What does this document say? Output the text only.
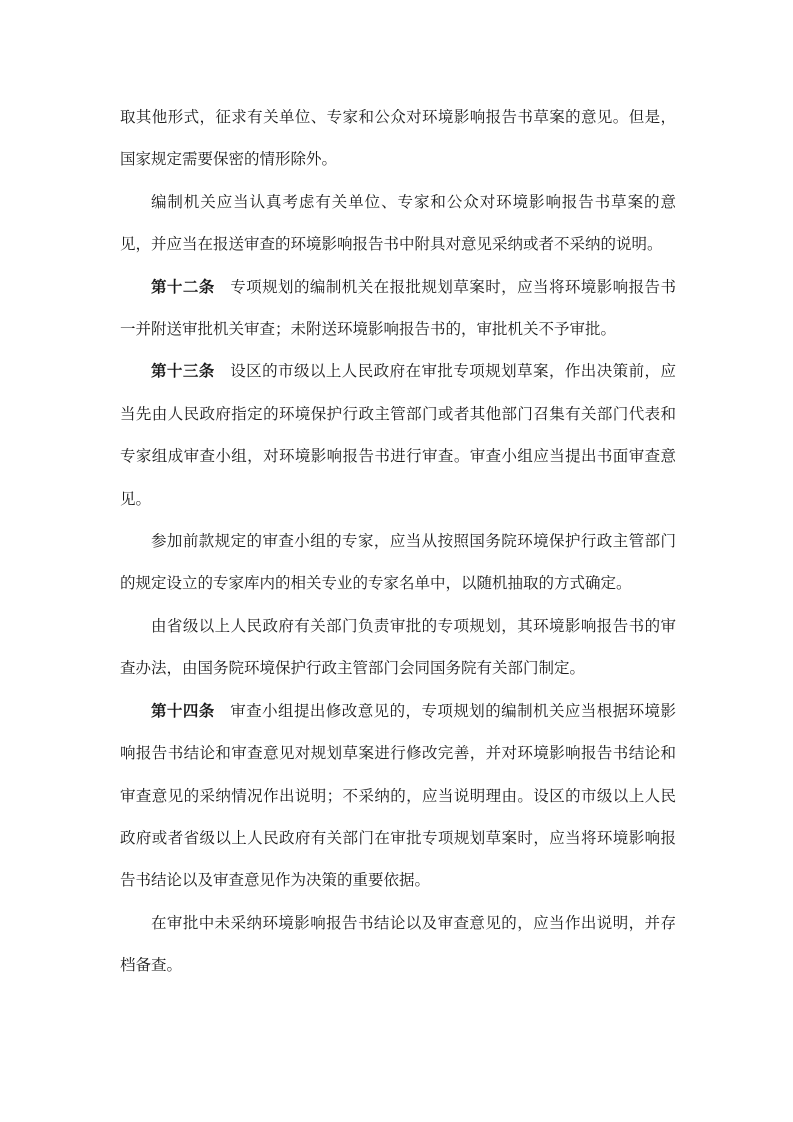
取其他形式，征求有关单位、专家和公众对环境影响报告书草案的意见。但是，国家规定需要保密的情形除外。

编制机关应当认真考虑有关单位、专家和公众对环境影响报告书草案的意见，并应当在报送审查的环境影响报告书中附具对意见采纳或者不采纳的说明。

第十二条 专项规划的编制机关在报批规划草案时，应当将环境影响报告书一并附送审批机关审查；未附送环境影响报告书的，审批机关不予审批。

第十三条 设区的市级以上人民政府在审批专项规划草案，作出决策前，应当先由人民政府指定的环境保护行政主管部门或者其他部门召集有关部门代表和专家组成审查小组，对环境影响报告书进行审查。审查小组应当提出书面审查意见。

参加前款规定的审查小组的专家，应当从按照国务院环境保护行政主管部门的规定设立的专家库内的相关专业的专家名单中，以随机抽取的方式确定。

由省级以上人民政府有关部门负责审批的专项规划，其环境影响报告书的审查办法，由国务院环境保护行政主管部门会同国务院有关部门制定。

第十四条 审查小组提出修改意见的，专项规划的编制机关应当根据环境影响报告书结论和审查意见对规划草案进行修改完善，并对环境影响报告书结论和审查意见的采纳情况作出说明；不采纳的，应当说明理由。设区的市级以上人民政府或者省级以上人民政府有关部门在审批专项规划草案时，应当将环境影响报告书结论以及审查意见作为决策的重要依据。

在审批中未采纳环境影响报告书结论以及审查意见的，应当作出说明，并存档备查。
